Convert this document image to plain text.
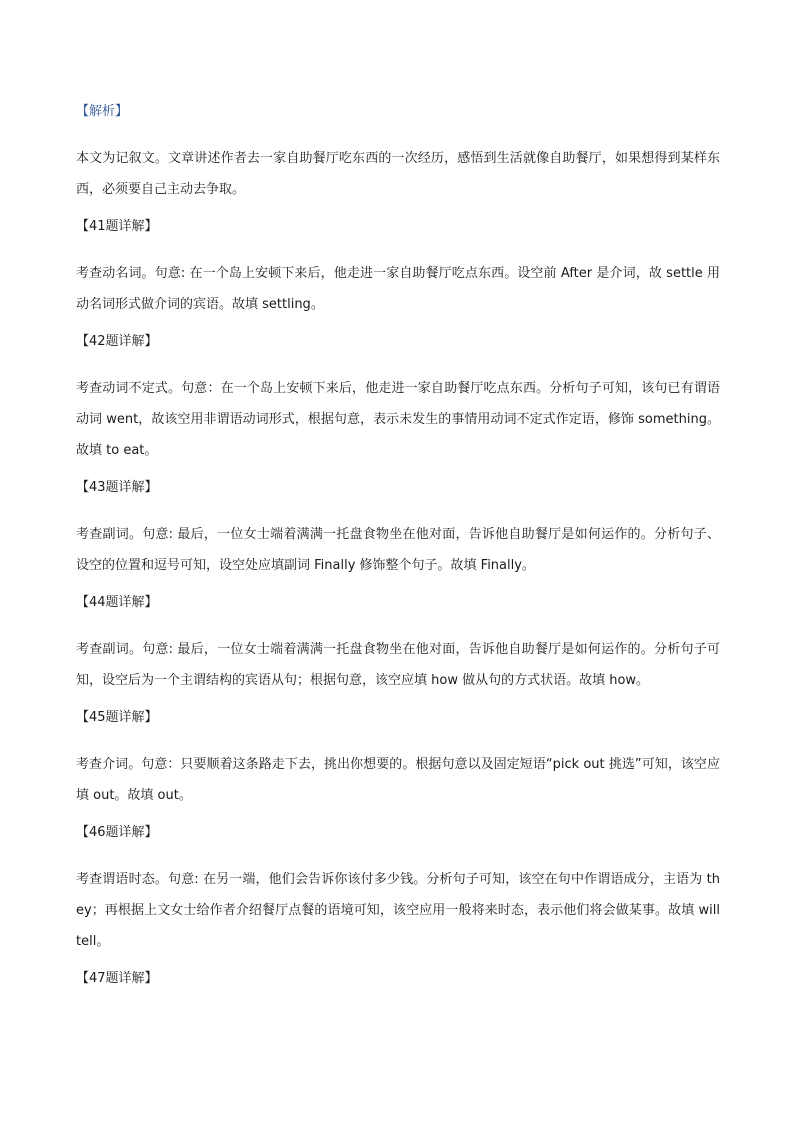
【解析】

本文为记叙文。文章讲述作者去一家自助餐厅吃东西的一次经历，感悟到生活就像自助餐厅，如果想得到某样东西，必须要自己主动去争取。

【41题详解】

考查动名词。句意: 在一个岛上安顿下来后，他走进一家自助餐厅吃点东西。设空前 After 是介词，故 settle 用动名词形式做介词的宾语。故填 settling。

【42题详解】

考查动词不定式。句意：在一个岛上安顿下来后，他走进一家自助餐厅吃点东西。分析句子可知，该句已有谓语动词 went，故该空用非谓语动词形式，根据句意，表示未发生的事情用动词不定式作定语，修饰 something。故填 to eat。

【43题详解】

考查副词。句意: 最后，一位女士端着满满一托盘食物坐在他对面，告诉他自助餐厅是如何运作的。分析句子、设空的位置和逗号可知，设空处应填副词 Finally 修饰整个句子。故填 Finally。

【44题详解】

考查副词。句意: 最后，一位女士端着满满一托盘食物坐在他对面，告诉他自助餐厅是如何运作的。分析句子可知，设空后为一个主谓结构的宾语从句；根据句意，该空应填 how 做从句的方式状语。故填 how。

【45题详解】

考查介词。句意：只要顺着这条路走下去，挑出你想要的。根据句意以及固定短语“pick out 挑选”可知，该空应填 out。故填 out。

【46题详解】

考查谓语时态。句意: 在另一端，他们会告诉你该付多少钱。分析句子可知，该空在句中作谓语成分，主语为 they；再根据上文女士给作者介绍餐厅点餐的语境可知，该空应用一般将来时态，表示他们将会做某事。故填 will tell。

【47题详解】
